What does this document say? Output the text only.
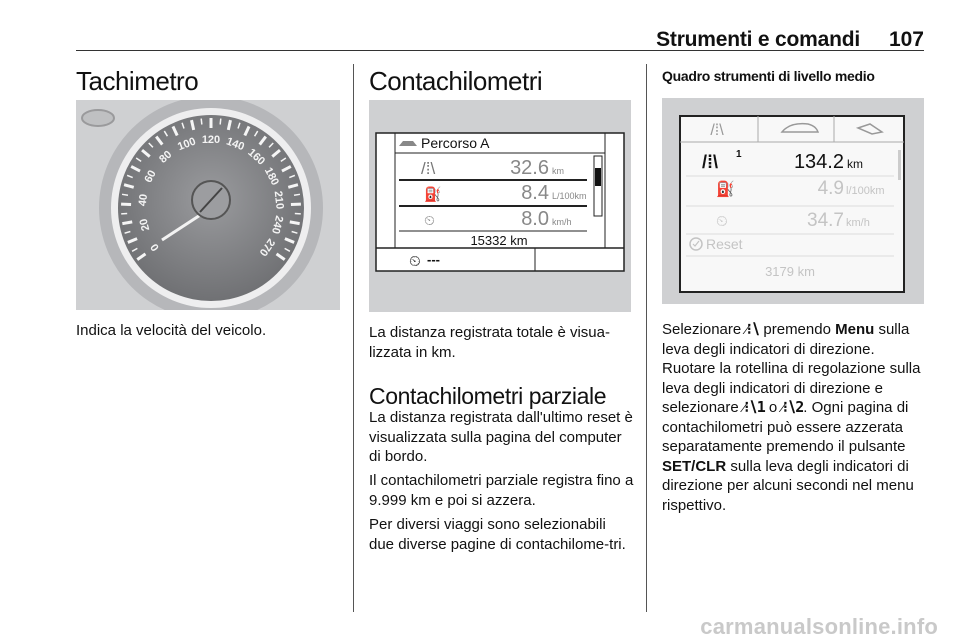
Strumenti e comandi 107
Tachimetro
0
20
40
60
80
100 120 140
160
180
210
240
270
Indica la velocità del veicolo.
Contachilometri
Percorso A
/⁞\	32.6 km
⛽	8.4 L/100km
⏲	8.0 km/h
15332 km
⏲ ---
La distanza registrata totale è visua-lizzata in km.
Contachilometri parziale
La distanza registrata dall'ultimo reset è visualizzata sulla pagina del computer di bordo.
Il contachilometri parziale registra fino a 9.999 km e poi si azzera.
Per diversi viaggi sono selezionabili due diverse pagine di contachilome-tri.
Quadro strumenti di livello medio
/⁞\
/⁞\ 1	134.2 km
⛽	4.9 l/100km
⏲	34.7 km/h
Reset
3179 km
Selezionare ⁄⁝∖ premendo Menu sulla leva degli indicatori di direzione. Ruotare la rotellina di regolazione sulla leva degli indicatori di direzione e selezionare ⁄⁝∖1 o ⁄⁝∖2. Ogni pagina di contachilometri può essere azzerata separatamente premendo il pulsante SET/CLR sulla leva degli indicatori di direzione per alcuni secondi nel menu rispettivo.
carmanualsonline.info
